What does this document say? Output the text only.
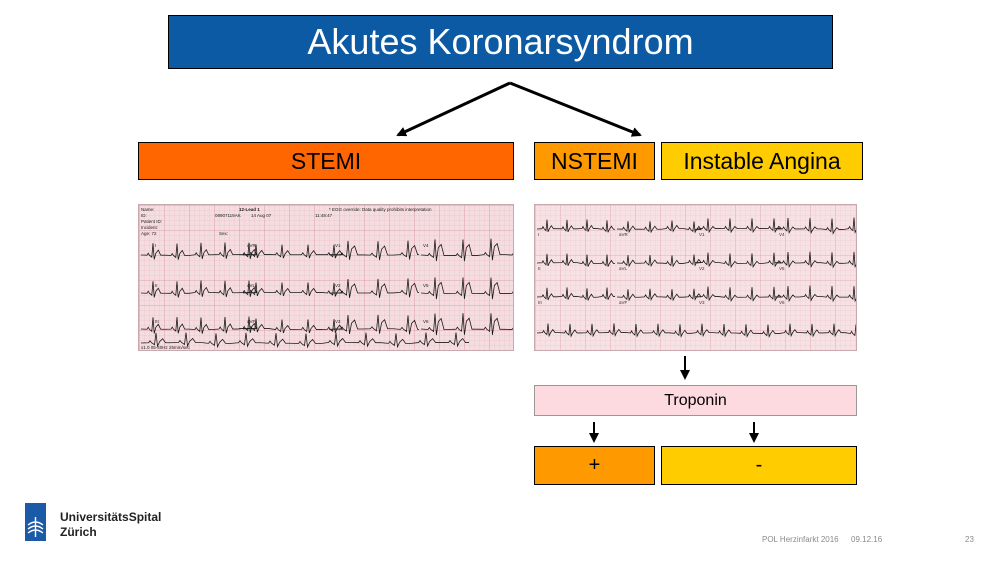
Akutes Koronarsyndrom
STEMI	NSTEMI Instable Angina
Name:
ID:
Patient ID:
Incident:
Age: 72	Sex:
12-Lead 1
08907119AK 14 Aug 07	11:48:47
* EGG override: Data quality prohibits interpretation
x1.0 05-40Hz 25mm/sec
I
II
III
aVR
aVL
aVF
V1
V2
V3
V4
V5
V6
I
II
III
aVR
aVL
aVF
V1
V2
V3
V4
V5
V6
Troponin
+	-
UniversitätsSpital
Zürich
POL Herzinfarkt 2016 09.12.16	23
